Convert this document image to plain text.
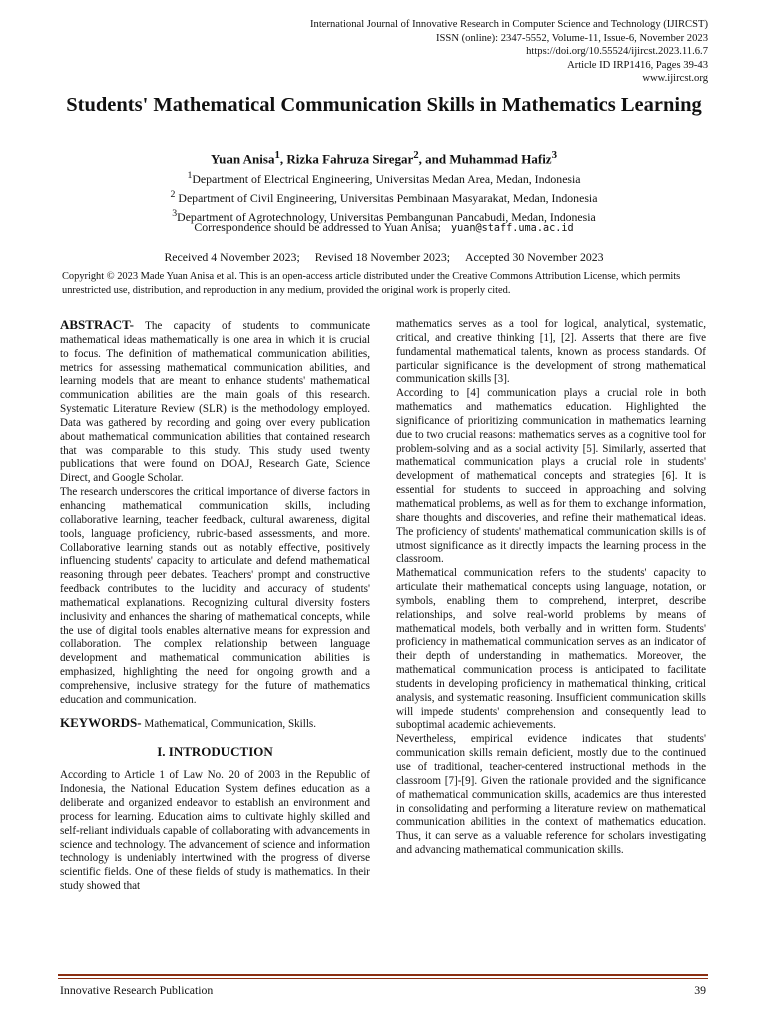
International Journal of Innovative Research in Computer Science and Technology (IJIRCST)
ISSN (online): 2347-5552, Volume-11, Issue-6, November 2023
https://doi.org/10.55524/ijircst.2023.11.6.7
Article ID IRP1416, Pages 39-43
www.ijircst.org
Students' Mathematical Communication Skills in Mathematics Learning
Yuan Anisa$^1$, Rizka Fahruza Siregar$^2$, and Muhammad Hafiz$^3$
$^1$Department of Electrical Engineering, Universitas Medan Area, Medan, Indonesia
$^2$ Department of Civil Engineering, Universitas Pembinaan Masyarakat, Medan, Indonesia
$^3$Department of Agrotechnology, Universitas Pembangunan Pancabudi, Medan, Indonesia
Correspondence should be addressed to Yuan Anisa; yuan@staff.uma.ac.id
Received 4 November 2023; Revised 18 November 2023; Accepted 30 November 2023
Copyright © 2023 Made Yuan Anisa et al. This is an open-access article distributed under the Creative Commons Attribution License, which permits unrestricted use, distribution, and reproduction in any medium, provided the original work is properly cited.

ABSTRACT- The capacity of students to communicate mathematical ideas mathematically is one area in which it is crucial to focus. The definition of mathematical communication abilities, metrics for assessing mathematical communication abilities, and learning models that are meant to enhance students' mathematical communication abilities are the main goals of this research. Systematic Literature Review (SLR) is the methodology employed. Data was gathered by recording and going over every publication about mathematical communication abilities that contained research that was comparable to this study. This study used twenty publications that were found on DOAJ, Research Gate, Science Direct, and Google Scholar.

The research underscores the critical importance of diverse factors in enhancing mathematical communication skills, including collaborative learning, teacher feedback, cultural awareness, digital tools, language proficiency, rubric-based assessments, and more. Collaborative learning stands out as notably effective, positively influencing students' capacity to articulate and defend mathematical reasoning through peer debates. Teachers' prompt and constructive feedback contributes to the lucidity and accuracy of students' mathematical explanations. Recognizing cultural diversity fosters inclusivity and enhances the sharing of mathematical concepts, while the use of digital tools enables alternative means for expression and collaboration. The complex relationship between language development and mathematical communication abilities is emphasized, highlighting the need for ongoing growth and a comprehensive, inclusive strategy for the future of mathematics education and communication.

KEYWORDS- Mathematical, Communication, Skills.

I. INTRODUCTION

According to Article 1 of Law No. 20 of 2003 in the Republic of Indonesia, the National Education System defines education as a deliberate and organized endeavor to establish an environment and process for learning. Education aims to cultivate highly skilled and self-reliant individuals capable of collaborating with advancements in science and technology. The advancement of science and information technology is undeniably intertwined with the progress of diverse scientific fields. One of these fields of study is mathematics. In their study showed that

mathematics serves as a tool for logical, analytical, systematic, critical, and creative thinking [1], [2]. Asserts that there are five fundamental mathematical talents, known as process standards. Of particular significance is the development of strong mathematical communication skills [3].

According to [4] communication plays a crucial role in both mathematics and mathematics education. Highlighted the significance of prioritizing communication in mathematics learning due to two crucial reasons: mathematics serves as a cognitive tool for problem-solving and as a social activity [5]. Similarly, asserted that mathematical communication plays a crucial role in students' development of mathematical concepts and strategies [6]. It is essential for students to succeed in approaching and solving mathematical problems, as well as for them to exchange information, share thoughts and discoveries, and refine their mathematical ideas. The proficiency of students' mathematical communication skills is of utmost significance as it directly impacts the learning process in the classroom.

Mathematical communication refers to the students' capacity to articulate their mathematical concepts using language, notation, or symbols, enabling them to comprehend, interpret, describe relationships, and solve real-world problems by means of mathematical models, both verbally and in written form. Students' proficiency in mathematical communication serves as an indicator of their depth of understanding in mathematics. Moreover, the mathematical communication process is anticipated to facilitate students in developing proficiency in mathematical thinking, critical analysis, and systematic reasoning. Insufficient communication skills will impede students' comprehension and consequently lead to suboptimal academic achievements.

Nevertheless, empirical evidence indicates that students' communication skills remain deficient, mostly due to the continued use of traditional, teacher-centered instructional methods in the classroom [7]-[9]. Given the rationale provided and the significance of mathematical communication skills, academics are thus interested in consolidating and performing a literature review on mathematical communication abilities in the context of mathematics education. Thus, it can serve as a valuable reference for scholars investigating and advancing mathematical communication skills.

Innovative Research Publication	39
